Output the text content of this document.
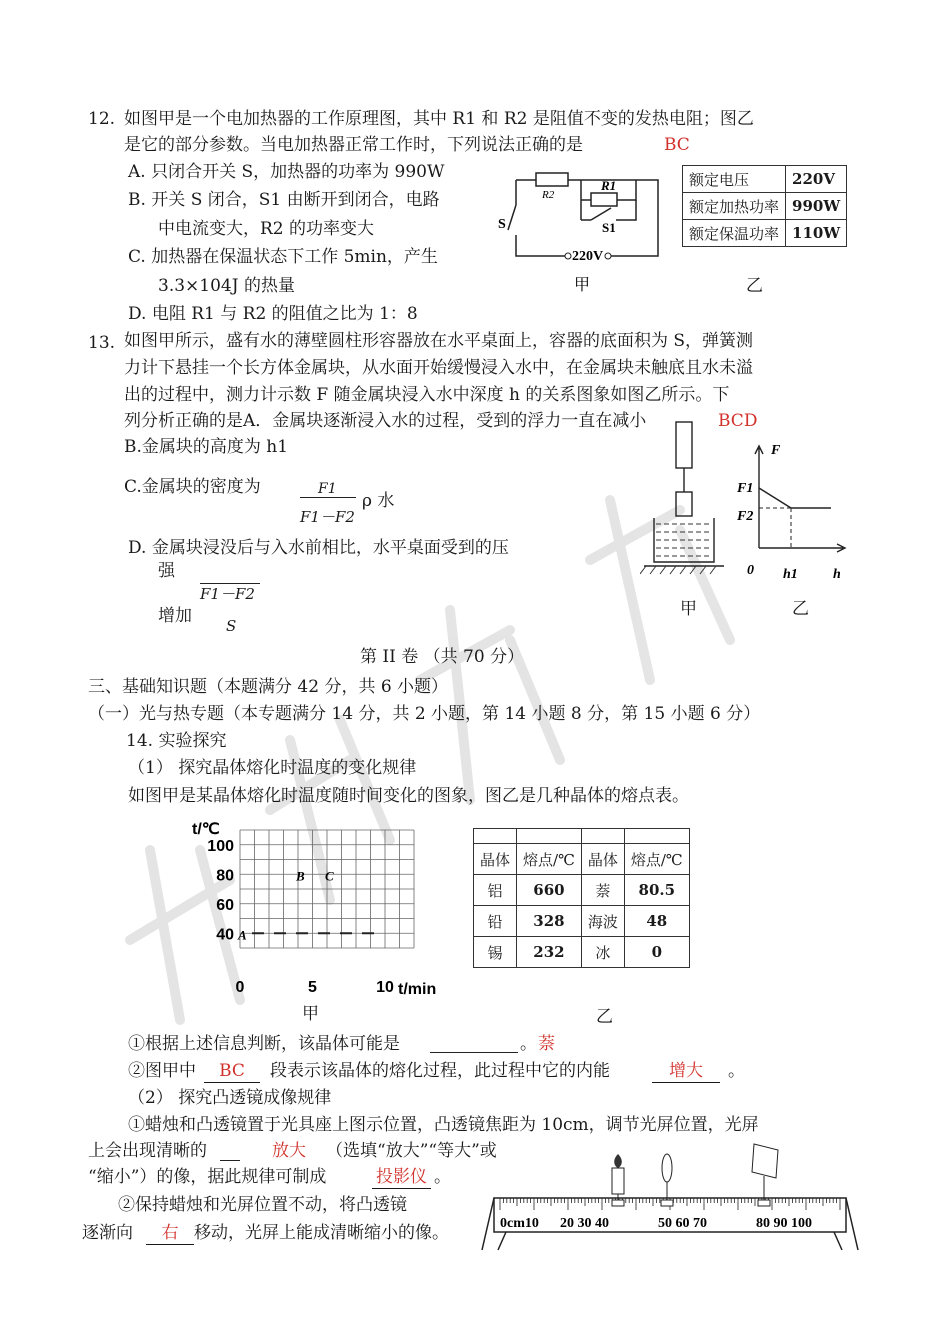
12. 如图甲是一个电加热器的工作原理图，其中 R1 和 R2 是阻值不变的发热电阻；图乙
是它的部分参数。当电加热器正常工作时，下列说法正确的是	BC
A. 只闭合开关 S，加热器的功率为 990W
B. 开关 S 闭合，S1 由断开到闭合，电路
中电流变大，R2 的功率变大
C. 加热器在保温状态下工作 5min，产生
3.3×104J 的热量
D. 电阻 R1 与 R2 的阻值之比为 1：8
R2
R1
S	S1
220V
甲
额定电压	220V
额定加热功率	990W
额定保温功率	110W
乙
13. 如图甲所示，盛有水的薄壁圆柱形容器放在水平桌面上，容器的底面积为 S，弹簧测
力计下悬挂一个长方体金属块，从水面开始缓慢浸入水中，在金属块未触底且水未溢
出的过程中，测力计示数 F 随金属块浸入水中深度 h 的关系图象如图乙所示。下
列分析正确的是A．金属块逐渐浸入水的过程，受到的浮力一直在减小	BCD
B.金属块的高度为 h1
C.金属块的密度为	F1
F1－F2
ρ 水
D. 金属块浸没后与入水前相比，水平桌面受到的压
强
F1－F2
增加 S
甲
F
F1
F2
0 h1	h
乙
第 II 卷 （共 70 分）
三、基础知识题（本题满分 42 分，共 6 小题）
（一）光与热专题（本专题满分 14 分，共 2 小题，第 14 小题 8 分，第 15 小题 6 分）
14. 实验探究
（1） 探究晶体熔化时温度的变化规律
如图甲是某晶体熔化时温度随时间变化的图象，图乙是几种晶体的熔点表。
40
60
80
100
0	5	10
A
B C
t/℃
t/min
甲

晶体	熔点/℃	晶体	熔点/℃
铝	660	萘	80.5
铅	328	海波	48
锡	232	冰	0
乙
①根据上述信息判断，该晶体可能是	。 萘
②图甲中	BC	段表示该晶体的熔化过程，此过程中它的内能	增大	。
（2） 探究凸透镜成像规律
①蜡烛和凸透镜置于光具座上图示位置，凸透镜焦距为 10cm，调节光屏位置，光屏
上会出现清晰的	放大 （选填“放大”“等大”或
“缩小”）的像，据此规律可制成	投影仪 。
②保持蜡烛和光屏位置不动，将凸透镜
逐渐向	右 移动，光屏上能成清晰缩小的像。	0cm10 20 30 40	50 60 70	80 90 100
